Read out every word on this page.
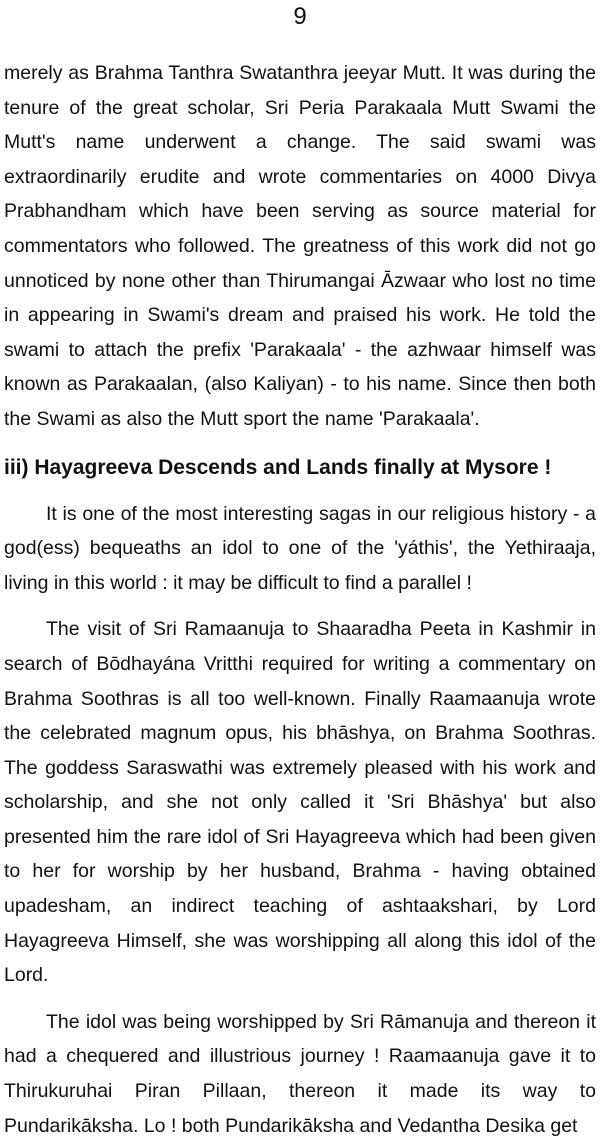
9

merely as Brahma Tanthra Swatanthra jeeyar Mutt. It was during the tenure of the great scholar, Sri Peria Parakaala Mutt Swami the Mutt's name underwent a change. The said swami was extraordinarily erudite and wrote commentaries on 4000 Divya Prabhandham which have been serving as source material for commentators who followed. The greatness of this work did not go unnoticed by none other than Thirumangai Āzwaar who lost no time in appearing in Swami's dream and praised his work. He told the swami to attach the prefix 'Parakaala' - the azhwaar himself was known as Parakaalan, (also Kaliyan) - to his name. Since then both the Swami as also the Mutt sport the name 'Parakaala'.

iii) Hayagreeva Descends and Lands finally at Mysore !

It is one of the most interesting sagas in our religious history - a god(ess) bequeaths an idol to one of the 'yáthis', the Yethiraaja, living in this world : it may be difficult to find a parallel !

The visit of Sri Ramaanuja to Shaaradha Peeta in Kashmir in search of Bōdhayána Vritthi required for writing a commentary on Brahma Soothras is all too well-known. Finally Raamaanuja wrote the celebrated magnum opus, his bhāshya, on Brahma Soothras. The goddess Saraswathi was extremely pleased with his work and scholarship, and she not only called it 'Sri Bhāshya' but also presented him the rare idol of Sri Hayagreeva which had been given to her for worship by her husband, Brahma - having obtained upadesham, an indirect teaching of ashtaakshari, by Lord Hayagreeva Himself, she was worshipping all along this idol of the Lord.

The idol was being worshipped by Sri Rāmanuja and thereon it had a chequered and illustrious journey ! Raamaanuja gave it to Thirukuruhai Piran Pillaan, thereon it made its way to Pundarikāksha. Lo ! both Pundarikāksha and Vedantha Desika get
